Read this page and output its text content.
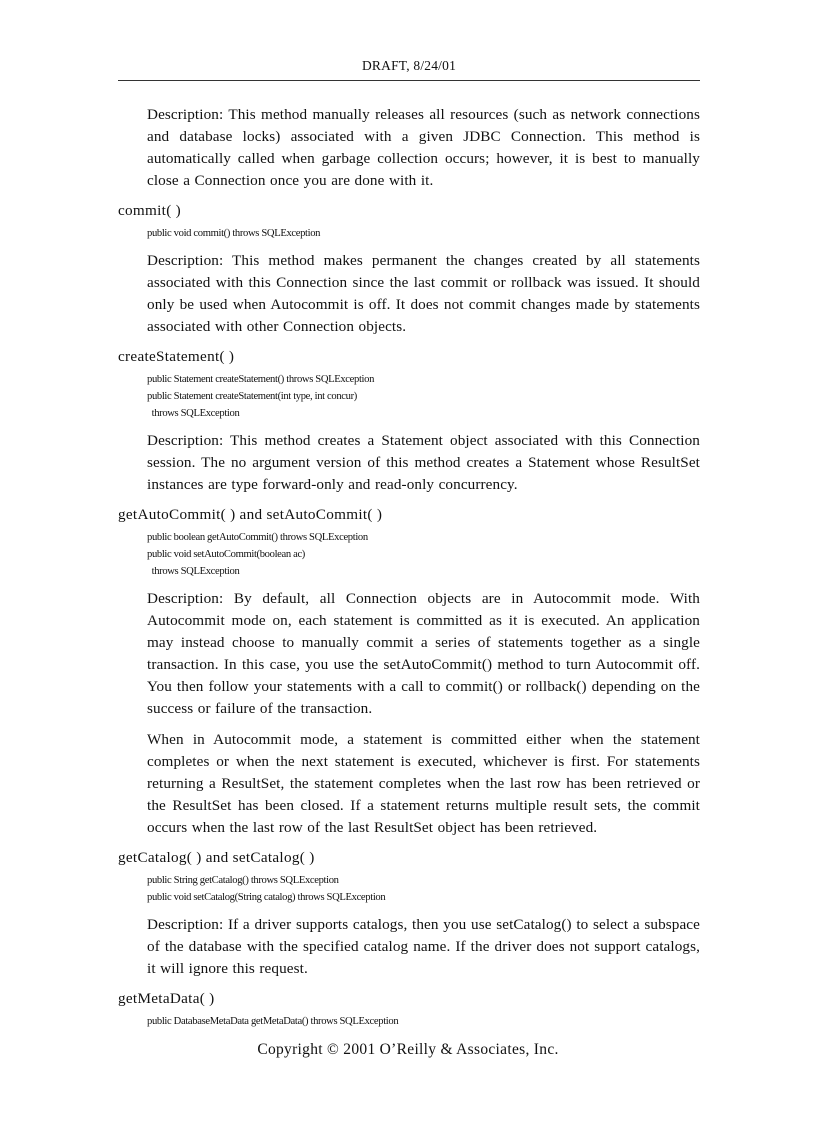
DRAFT, 8/24/01

Description: This method manually releases all resources (such as network connections and database locks) associated with a given JDBC Connection. This method is automatically called when garbage collection occurs; however, it is best to manually close a Connection once you are done with it.

commit( )
public void commit() throws SQLException

Description: This method makes permanent the changes created by all statements associated with this Connection since the last commit or rollback was issued. It should only be used when Autocommit is off. It does not commit changes made by statements associated with other Connection objects.

createStatement( )
public Statement createStatement() throws SQLException
public Statement createStatement(int type, int concur)
throws SQLException

Description: This method creates a Statement object associated with this Connection session. The no argument version of this method creates a Statement whose ResultSet instances are type forward-only and read-only concurrency.

getAutoCommit( ) and setAutoCommit( )
public boolean getAutoCommit() throws SQLException
public void setAutoCommit(boolean ac)
throws SQLException

Description: By default, all Connection objects are in Autocommit mode. With Autocommit mode on, each statement is committed as it is executed. An application may instead choose to manually commit a series of statements together as a single transaction. In this case, you use the setAutoCommit() method to turn Autocommit off. You then follow your statements with a call to commit() or rollback() depending on the success or failure of the transaction.

When in Autocommit mode, a statement is committed either when the statement completes or when the next statement is executed, whichever is first. For statements returning a ResultSet, the statement completes when the last row has been retrieved or the ResultSet has been closed. If a statement returns multiple result sets, the commit occurs when the last row of the last ResultSet object has been retrieved.

getCatalog( ) and setCatalog( )
public String getCatalog() throws SQLException
public void setCatalog(String catalog) throws SQLException

Description: If a driver supports catalogs, then you use setCatalog() to select a subspace of the database with the specified catalog name. If the driver does not support catalogs, it will ignore this request.

getMetaData( )
public DatabaseMetaData getMetaData() throws SQLException
Copyright © 2001 O’Reilly & Associates, Inc.
